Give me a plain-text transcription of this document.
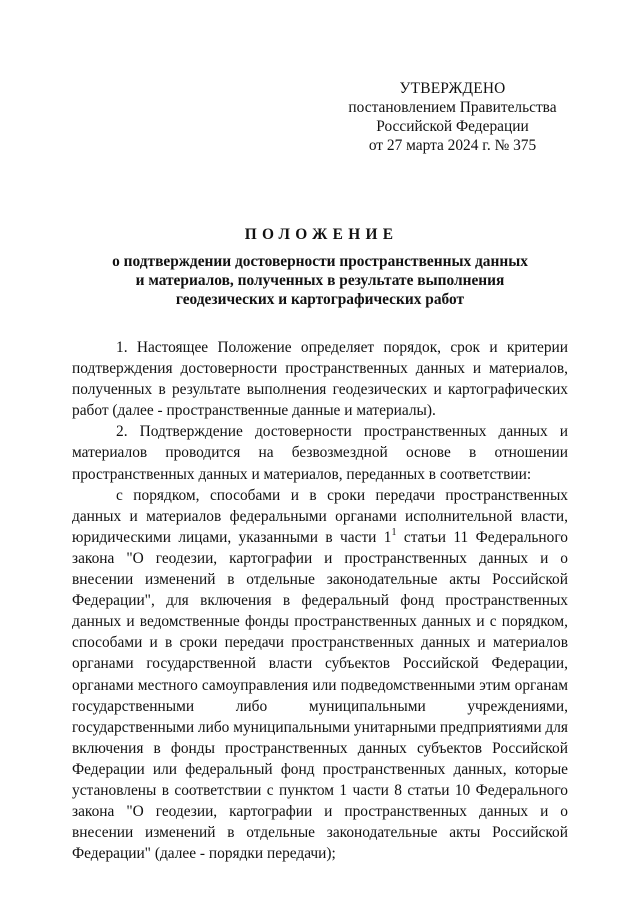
УТВЕРЖДЕНО
постановлением Правительства
Российской Федерации
от 27 марта 2024 г. № 375
ПОЛОЖЕНИЕ
о подтверждении достоверности пространственных данных
и материалов, полученных в результате выполнения
геодезических и картографических работ

1. Настоящее Положение определяет порядок, срок и критерии подтверждения достоверности пространственных данных и материалов, полученных в результате выполнения геодезических и картографических работ (далее - пространственные данные и материалы).

2. Подтверждение достоверности пространственных данных и материалов проводится на безвозмездной основе в отношении пространственных данных и материалов, переданных в соответствии:

с порядком, способами и в сроки передачи пространственных данных и материалов федеральными органами исполнительной власти, юридическими лицами, указанными в части $1^1$ статьи 11 Федерального закона "О геодезии, картографии и пространственных данных и о внесении изменений в отдельные законодательные акты Российской Федерации", для включения в федеральный фонд пространственных данных и ведомственные фонды пространственных данных и с порядком, способами и в сроки передачи пространственных данных и материалов органами государственной власти субъектов Российской Федерации, органами местного самоуправления или подведомственными этим органам государственными либо муниципальными учреждениями, государственными либо муниципальными унитарными предприятиями для включения в фонды пространственных данных субъектов Российской Федерации или федеральный фонд пространственных данных, которые установлены в соответствии с пунктом 1 части 8 статьи 10 Федерального закона "О геодезии, картографии и пространственных данных и о внесении изменений в отдельные законодательные акты Российской Федерации" (далее - порядки передачи);
